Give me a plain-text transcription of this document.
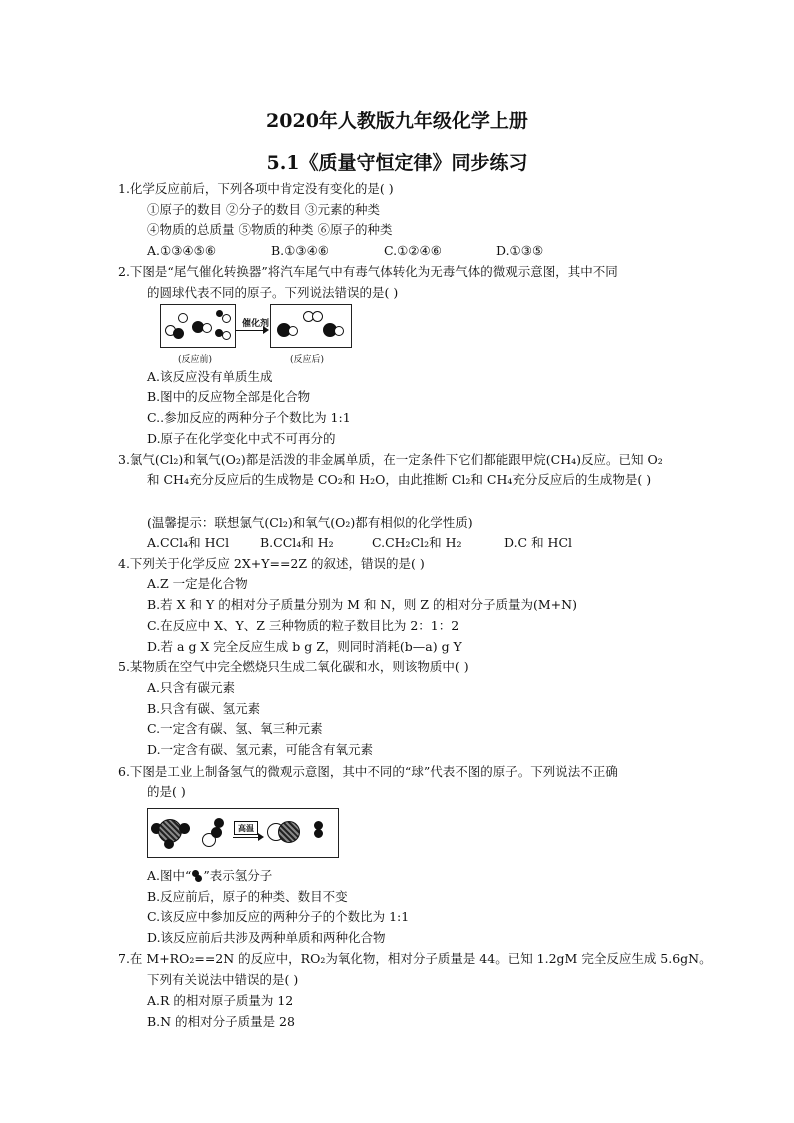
2020年人教版九年级化学上册
5.1《质量守恒定律》同步练习
1.化学反应前后，下列各项中肯定没有变化的是( )
①原子的数目 ②分子的数目 ③元素的种类
④物质的总质量 ⑤物质的种类 ⑥原子的种类
A.①③④⑤⑥	B.①③④⑥	C.①②④⑥	D.①③⑤
2.下图是“尾气催化转换器”将汽车尾气中有毒气体转化为无毒气体的微观示意图，其中不同
的圆球代表不同的原子。下列说法错误的是( )
催化剂
(反应前)	(反应后)
A.该反应没有单质生成
B.图中的反应物全部是化合物
C..参加反应的两种分子个数比为 1:1
D.原子在化学变化中式不可再分的
3.氯气(Cl₂)和氧气(O₂)都是活泼的非金属单质，在一定条件下它们都能跟甲烷(CH₄)反应。已知 O₂
和 CH₄充分反应后的生成物是 CO₂和 H₂O，由此推断 Cl₂和 CH₄充分反应后的生成物是( )
(温馨提示：联想氯气(Cl₂)和氧气(O₂)都有相似的化学性质)
A.CCl₄和 HCl B.CCl₄和 H₂	C.CH₂Cl₂和 H₂	D.C 和 HCl
4.下列关于化学反应 2X+Y==2Z 的叙述，错误的是( )
A.Z 一定是化合物
B.若 X 和 Y 的相对分子质量分别为 M 和 N，则 Z 的相对分子质量为(M+N)
C.在反应中 X、Y、Z 三种物质的粒子数目比为 2：1：2
D.若 a g X 完全反应生成 b g Z，则同时消耗(b—a) g Y
5.某物质在空气中完全燃烧只生成二氧化碳和水，则该物质中( )
A.只含有碳元素
B.只含有碳、氢元素
C.一定含有碳、氢、氧三种元素
D.一定含有碳、氢元素，可能含有氧元素
6.下图是工业上制备氢气的微观示意图，其中不同的“球”代表不图的原子。下列说法不正确
的是( )
高温
A.图中“ ”表示氢分子
B.反应前后，原子的种类、数目不变
C.该反应中参加反应的两种分子的个数比为 1:1
D.该反应前后共涉及两种单质和两种化合物
7.在 M+RO₂==2N 的反应中，RO₂为氧化物，相对分子质量是 44。已知 1.2gM 完全反应生成 5.6gN。
下列有关说法中错误的是( )
A.R 的相对原子质量为 12
B.N 的相对分子质量是 28
